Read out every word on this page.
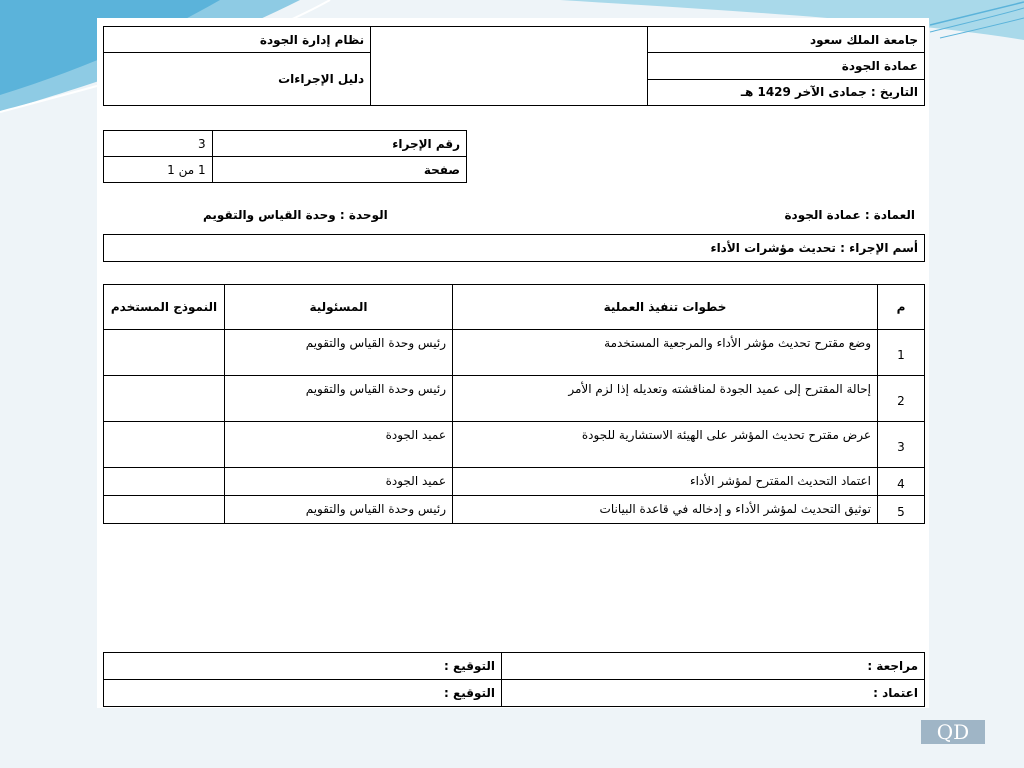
جامعة الملك سعود		نظام إدارة الجودة
عمادة الجودة		دليل الإجراءات
التاريخ : جمادى الآخر 1429 هـ		
رقم الإجراء	3
صفحة	1 من 1
العمادة : عمادة الجودة
الوحدة : وحدة القياس والتقويم
أسم الإجراء : تحديث مؤشرات الأداء
م	خطوات تنفيذ العملية	المسئولية	النموذج المستخدم
1	وضع مقترح تحديث مؤشر الأداء والمرجعية المستخدمة	رئيس وحدة القياس والتقويم	
2	إحالة المقترح إلى عميد الجودة لمناقشته وتعديله إذا لزم الأمر	رئيس وحدة القياس والتقويم	
3	عرض مقترح تحديث المؤشر على الهيئة الاستشارية للجودة	عميد الجودة	
4	اعتماد التحديث المقترح لمؤشر الأداء	عميد الجودة	
5	توثيق التحديث لمؤشر الأداء و إدخاله في قاعدة البيانات	رئيس وحدة القياس والتقويم	
مراجعة :	التوقيع :
اعتماد :	التوقيع :
QD
